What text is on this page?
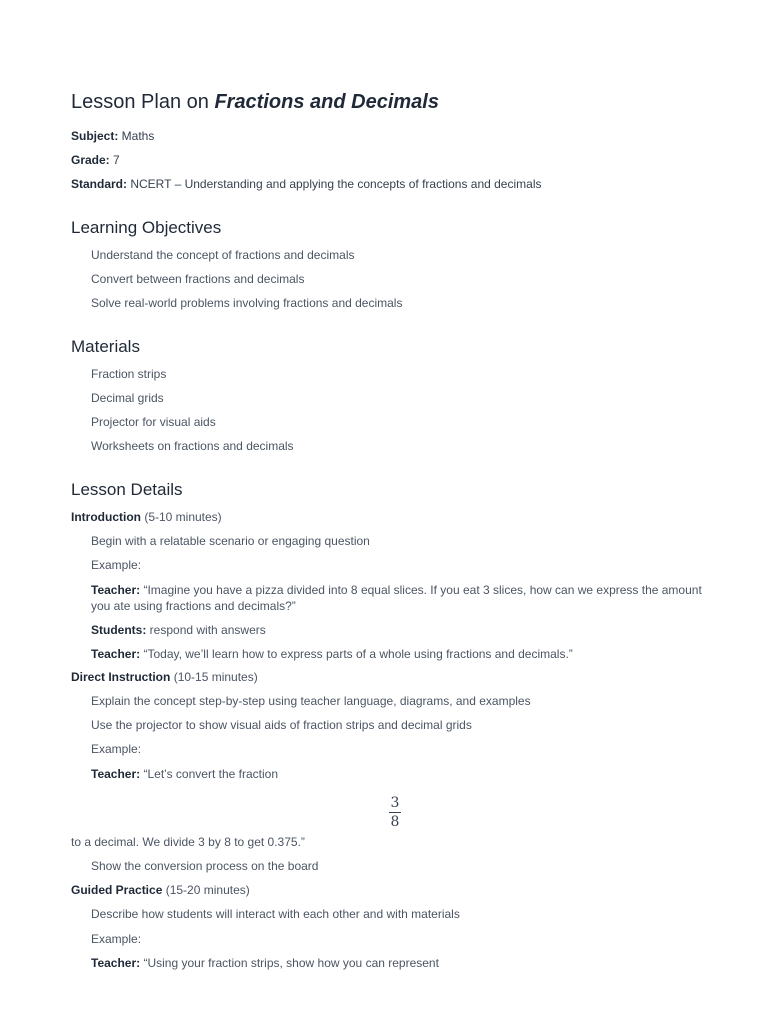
Lesson Plan on Fractions and Decimals
Subject: Maths
Grade: 7
Standard: NCERT – Understanding and applying the concepts of fractions and decimals
Learning Objectives
Understand the concept of fractions and decimals
Convert between fractions and decimals
Solve real-world problems involving fractions and decimals
Materials
Fraction strips
Decimal grids
Projector for visual aids
Worksheets on fractions and decimals
Lesson Details
Introduction (5-10 minutes)
Begin with a relatable scenario or engaging question
Example:
Teacher: “Imagine you have a pizza divided into 8 equal slices. If you eat 3 slices, how can we express the amount you ate using fractions and decimals?”
Students: respond with answers
Teacher: “Today, we’ll learn how to express parts of a whole using fractions and decimals.”
Direct Instruction (10-15 minutes)
Explain the concept step-by-step using teacher language, diagrams, and examples
Use the projector to show visual aids of fraction strips and decimal grids
Example:
Teacher: “Let’s convert the fraction
3
8
to a decimal. We divide 3 by 8 to get 0.375.”
Show the conversion process on the board
Guided Practice (15-20 minutes)
Describe how students will interact with each other and with materials
Example:
Teacher: “Using your fraction strips, show how you can represent
